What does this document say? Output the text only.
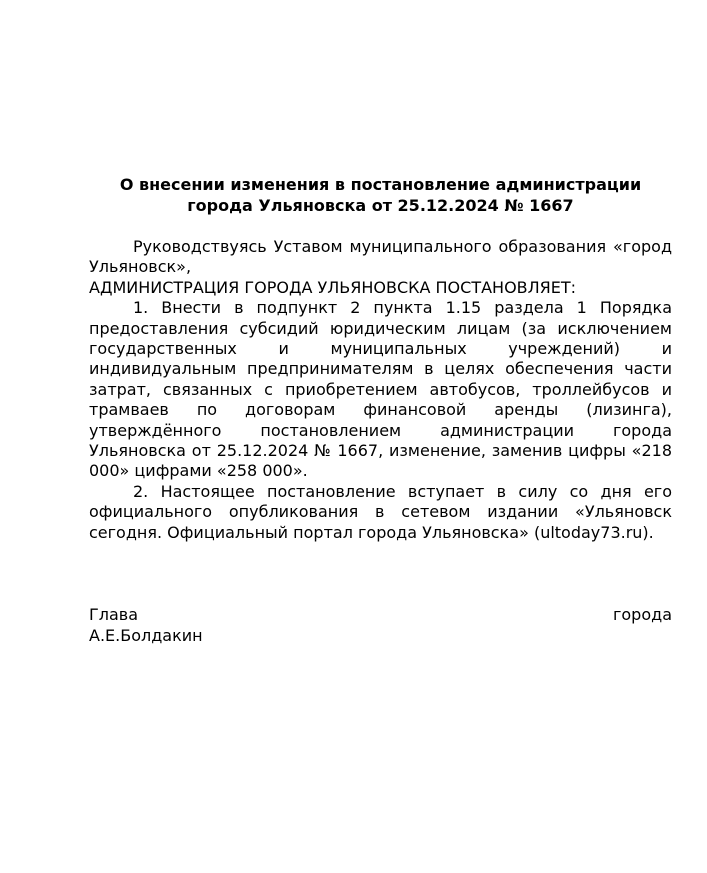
О внесении изменения в постановление администрации
города Ульяновска от 25.12.2024 № 1667

Руководствуясь Уставом муниципального образования «город Ульяновск»,

АДМИНИСТРАЦИЯ ГОРОДА УЛЬЯНОВСКА ПОСТАНОВЛЯЕТ:

1. Внести в подпункт 2 пункта 1.15 раздела 1 Порядка предоставления субсидий юридическим лицам (за исключением государственных и муниципальных учреждений) и индивидуальным предпринимателям в целях обеспечения части затрат, связанных с приобретением автобусов, троллейбусов и трамваев по договорам финансовой аренды (лизинга), утверждённого постановлением администрации города Ульяновска от 25.12.2024 № 1667, изменение, заменив цифры «218 000» цифрами «258 000».

2. Настоящее постановление вступает в силу со дня его официального опубликования в сетевом издании «Ульяновск сегодня. Официальный портал города Ульяновска» (ultoday73.ru).

Глава	города
А.Е.Болдакин
